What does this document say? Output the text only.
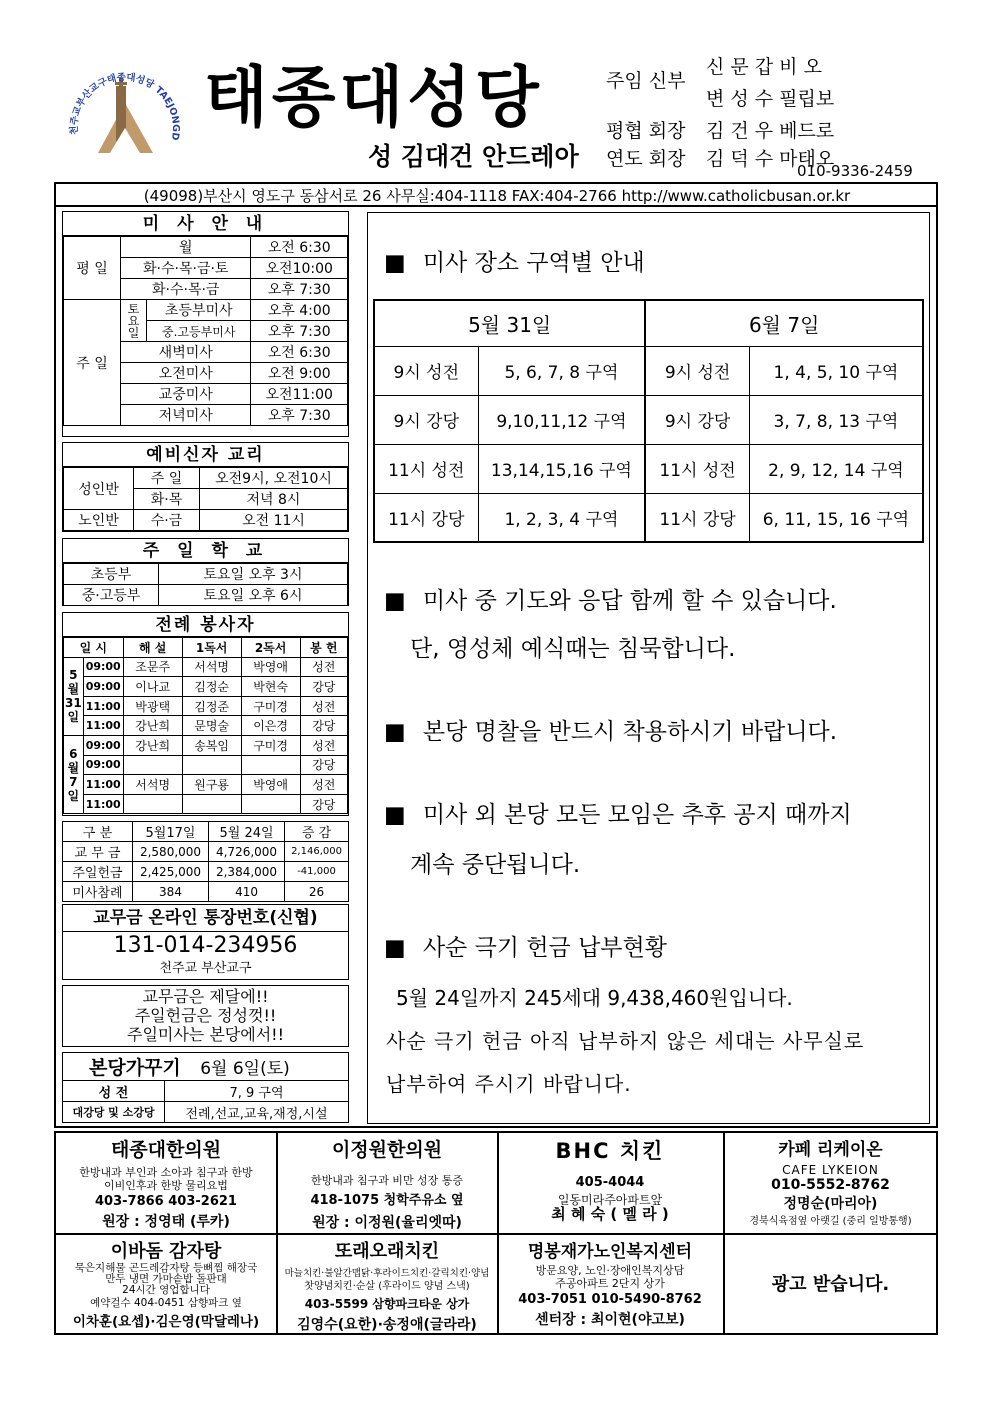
천주교부산교구태종대성당 TAEJONGD
태종대성당
성 김대건 안드레아
주임 신부
신 문 갑 비 오
변 성 수 필립보
평협 회장 김 건 우 베드로
연도 회장 김 덕 수 마태오
010-9336-2459
(49098)부산시 영도구 동삼서로 26 사무실:404-1118 FAX:404-2766 http://www.catholicbusan.or.kr
미 사 안 내
평 일	월		오전 6:30
	화·수·목·금·토		오전10:00
	화·수·목·금		오후 7:30
주 일	토요일	초등부미사	오후 4:00
		중.고등부미사	오후 7:30
	새벽미사		오전 6:30
	오전미사		오전 9:00
	교중미사		오전11:00
	저녁미사		오후 7:30
예비신자 교리
성인반	주 일	오전9시, 오전10시
	화·목	저녁 8시
노인반	수·금	오전 11시
주 일 학 교
초등부	토요일 오후 3시
중·고등부	토요일 오후 6시
전례 봉사자
일 시		해 설	1독서	2독서	봉 헌
5월31일	09:00	조문주	서석명	박영애	성전
	09:00	이나교	김정순	박현숙	강당
	11:00	박광택	김정준	구미경	성전
	11:00	강난희	문명술	이은경	강당
6월7일	09:00	강난희	송복임	구미경	성전
	09:00				강당
	11:00	서석명	원구룡	박영애	성전
	11:00				강당
구 분	5월17일	5월 24일	증 감
교 무 금	2,580,000	4,726,000	2,146,000
주일헌금	2,425,000	2,384,000	-41,000
미사참례	384	410	26
교무금 온라인 통장번호(신협)
131-014-234956
천주교 부산교구
교무금은 제달에!!
주일헌금은 정성껏!!
주일미사는 본당에서!!
본당가꾸기 6월 6일(토)	
성 전	7, 9 구역
대강당 및 소강당	전례,선교,교육,재정,시설
■ 미사 장소 구역별 안내
5월 31일		6월 7일	
9시 성전	5, 6, 7, 8 구역	9시 성전	1, 4, 5, 10 구역
9시 강당	9,10,11,12 구역	9시 강당	3, 7, 8, 13 구역
11시 성전	13,14,15,16 구역	11시 성전	2, 9, 12, 14 구역
11시 강당	1, 2, 3, 4 구역	11시 강당	6, 11, 15, 16 구역
■ 미사 중 기도와 응답 함께 할 수 있습니다.
단, 영성체 예식때는 침묵합니다.
■ 본당 명찰을 반드시 착용하시기 바랍니다.
■ 미사 외 본당 모든 모임은 추후 공지 때까지
계속 중단됩니다.
■ 사순 극기 헌금 납부현황
5월 24일까지 245세대 9,438,460원입니다.
사순 극기 헌금 아직 납부하지 않은 세대는 사무실로
납부하여 주시기 바랍니다.
태종대한의원
한방내과 부인과 소아과 침구과 한방
이비인후과 한방 물리요법
403-7866 403-2621
원장 : 정영태 (루카)
이정원한의원
한방내과 침구과 비만 성장 통증
418-1075 청학주유소 옆
원장 : 이정원(율리엣따)
BHC 치킨
405-4044
일동미라주아파트앞
최 혜 숙 ( 멜 라 )
카페 리케이온
CAFE LYKEION
010-5552-8762
정명순(마리아)
경북식육점옆 아랫길 (중리 일방통행)
이바돔 감자탕
묵은지해물 곤드레감자탕 등뼈찜 해장국
만두 냉면 가마솥밥 돌판대
24시간 영업합니다
예약걸수 404-0451 삼향파크 옆
이차훈(요셉)·김은영(막달레나)
또래오래치킨
마늘치킨·불알간맵닭·후라이드치킨·갈릭치킨·양념
찻양념치킨·순살 (후라이드 양념 스낵)
403-5599 삼향파크타운 상가
김영수(요한)·송정애(글라라)
명봉재가노인복지센터
방문요양, 노인·장애인복지상담
주공아파트 2단지 상가
403-7051 010-5490-8762
센터장 : 최이현(야고보)
광고 받습니다.
